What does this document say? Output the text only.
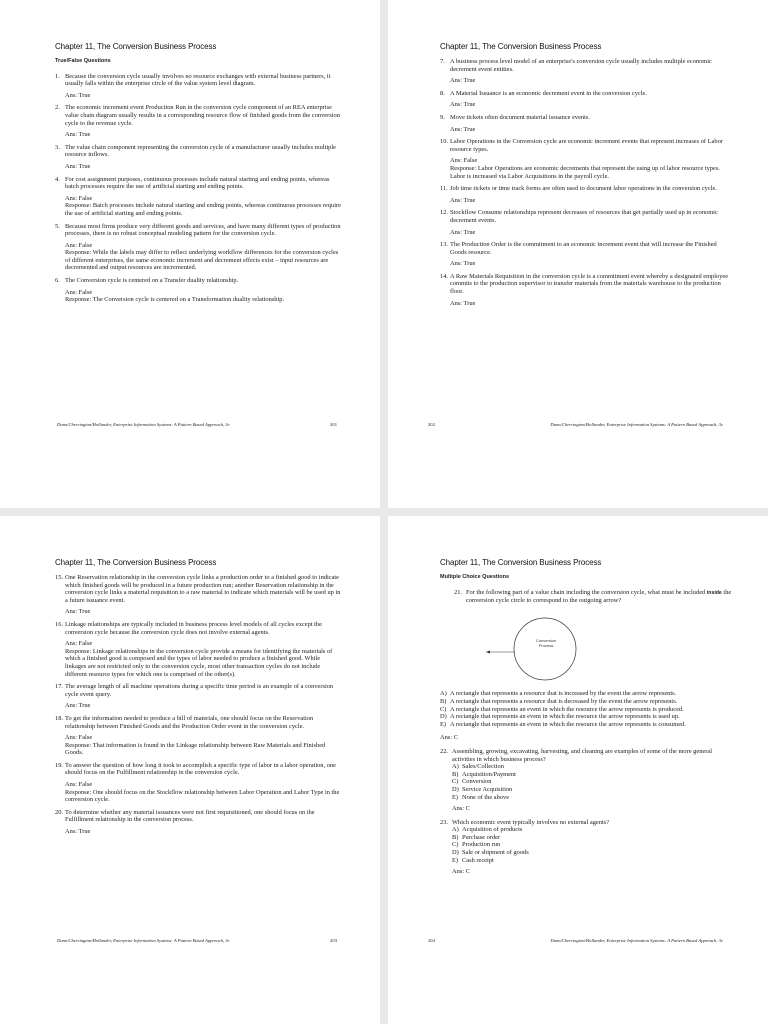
Chapter 11, The Conversion Business Process
True/False Questions
1. Because the conversion cycle usually involves no resource exchanges with external business partners, it usually falls within the enterprise circle of the value system level diagram.
Ans: True
2. The economic increment event Production Run in the conversion cycle component of an REA enterprise value chain diagram usually results in a corresponding resource flow of finished goods from the conversion cycle to the revenue cycle.
Ans: True
3. The value chain component representing the conversion cycle of a manufacturer usually includes multiple resource inflows.
Ans: True
4. For cost assignment purposes, continuous processes include natural starting and ending points, whereas batch processes require the use of artificial starting and ending points.
Ans: False
Response: Batch processes include natural starting and ending points, whereas continuous processes require the use of artificial starting and ending points.
5. Because most firms produce very different goods and services, and have many different types of production processes, there is no robust conceptual modeling pattern for the conversion cycle.
Ans: False
Response: While the labels may differ to reflect underlying workflow differences for the conversion cycles of different enterprises, the same economic increment and decrement effects exist – input resources are decremented and output resources are incremented.
6. The Conversion cycle is centered on a Transfer duality relationship.
Ans: False
Response: The Conversion cycle is centered on a Transformation duality relationship.
Dunn/Cherrington/Hollander, Enterprise Information Systems: A Pattern Based Approach, 3e	201
Chapter 11, The Conversion Business Process
7. A business process level model of an enterprise's conversion cycle usually includes multiple economic decrement event entities.
Ans: True
8. A Material Issuance is an economic decrement event in the conversion cycle.
Ans: True
9. Move tickets often document material issuance events.
Ans: True
10. Labor Operations in the Conversion cycle are economic increment events that represent increases of Labor resource types.
Ans: False
Response: Labor Operations are economic decrements that represent the using up of labor resource types. Labor is increased via Labor Acquisitions in the payroll cycle.
11. Job time tickets or time track forms are often used to document labor operations in the conversion cycle.
Ans: True
12. Stockflow Consume relationships represent decreases of resources that get partially used up in economic decrement events.
Ans: True
13. The Production Order is the commitment to an economic increment event that will increase the Finished Goods resource.
Ans: True
14. A Raw Materials Requisition in the conversion cycle is a commitment event whereby a designated employee commits to the production supervisor to transfer materials from the materials warehouse to the production floor.
Ans: True
202	Dunn/Cherrington/Hollander, Enterprise Information Systems: A Pattern Based Approach, 3e
Chapter 11, The Conversion Business Process
15. One Reservation relationship in the conversion cycle links a production order to a finished good to indicate which finished goods will be produced in a future production run; another Reservation relationship in the conversion cycle links a material requisition to a raw material to indicate which materials will be used up in a future issuance event.
Ans: True
16. Linkage relationships are typically included in business process level models of all cycles except the conversion cycle because the conversion cycle does not involve external agents.
Ans: False
Response: Linkage relationships in the conversion cycle provide a means for identifying the materials of which a finished good is composed and the types of labor needed to produce a finished good. While linkages are not restricted only to the conversion cycle, most other transaction cycles do not include different resource types for which one is comprised of the other(s).
17. The average length of all machine operations during a specific time period is an example of a conversion cycle event query.
Ans: True
18. To get the information needed to produce a bill of materials, one should focus on the Reservation relationship between Finished Goods and the Production Order event in the conversion cycle.
Ans: False
Response: That information is found in the Linkage relationship between Raw Materials and Finished Goods.
19. To answer the question of how long it took to accomplish a specific type of labor in a labor operation, one should focus on the Fulfillment relationship in the conversion cycle.
Ans: False
Response: One should focus on the Stockflow relationship between Labor Operation and Labor Type in the conversion cycle.
20. To determine whether any material issuances were not first requisitioned, one should focus on the Fulfillment relationship in the conversion process.
Ans: True
Dunn/Cherrington/Hollander, Enterprise Information Systems: A Pattern Based Approach, 3e	203
Chapter 11, The Conversion Business Process
Multiple Choice Questions
21. For the following part of a value chain including the conversion cycle, what must be included inside the conversion cycle circle to correspond to the outgoing arrow?
Conversion
Process
A) A rectangle that represents a resource that is increased by the event the arrow represents.
B) A rectangle that represents a resource that is decreased by the event the arrow represents.
C) A rectangle that represents an event in which the resource the arrow represents is produced.
D) A rectangle that represents an event in which the resource the arrow represents is used up.
E) A rectangle that represents an event in which the resource the arrow represents is consumed.
Ans: C
22. Assembling, growing, excavating, harvesting, and cleaning are examples of some of the more general activities in which business process?
A) Sales/Collection
B) Acquisition/Payment
C) Conversion
D) Service Acquisition
E) None of the above
Ans: C
23. Which economic event typically involves no external agents?
A) Acquisition of products
B) Purchase order
C) Production run
D) Sale or shipment of goods
E) Cash receipt
Ans: C
204	Dunn/Cherrington/Hollander, Enterprise Information Systems: A Pattern Based Approach, 3e
